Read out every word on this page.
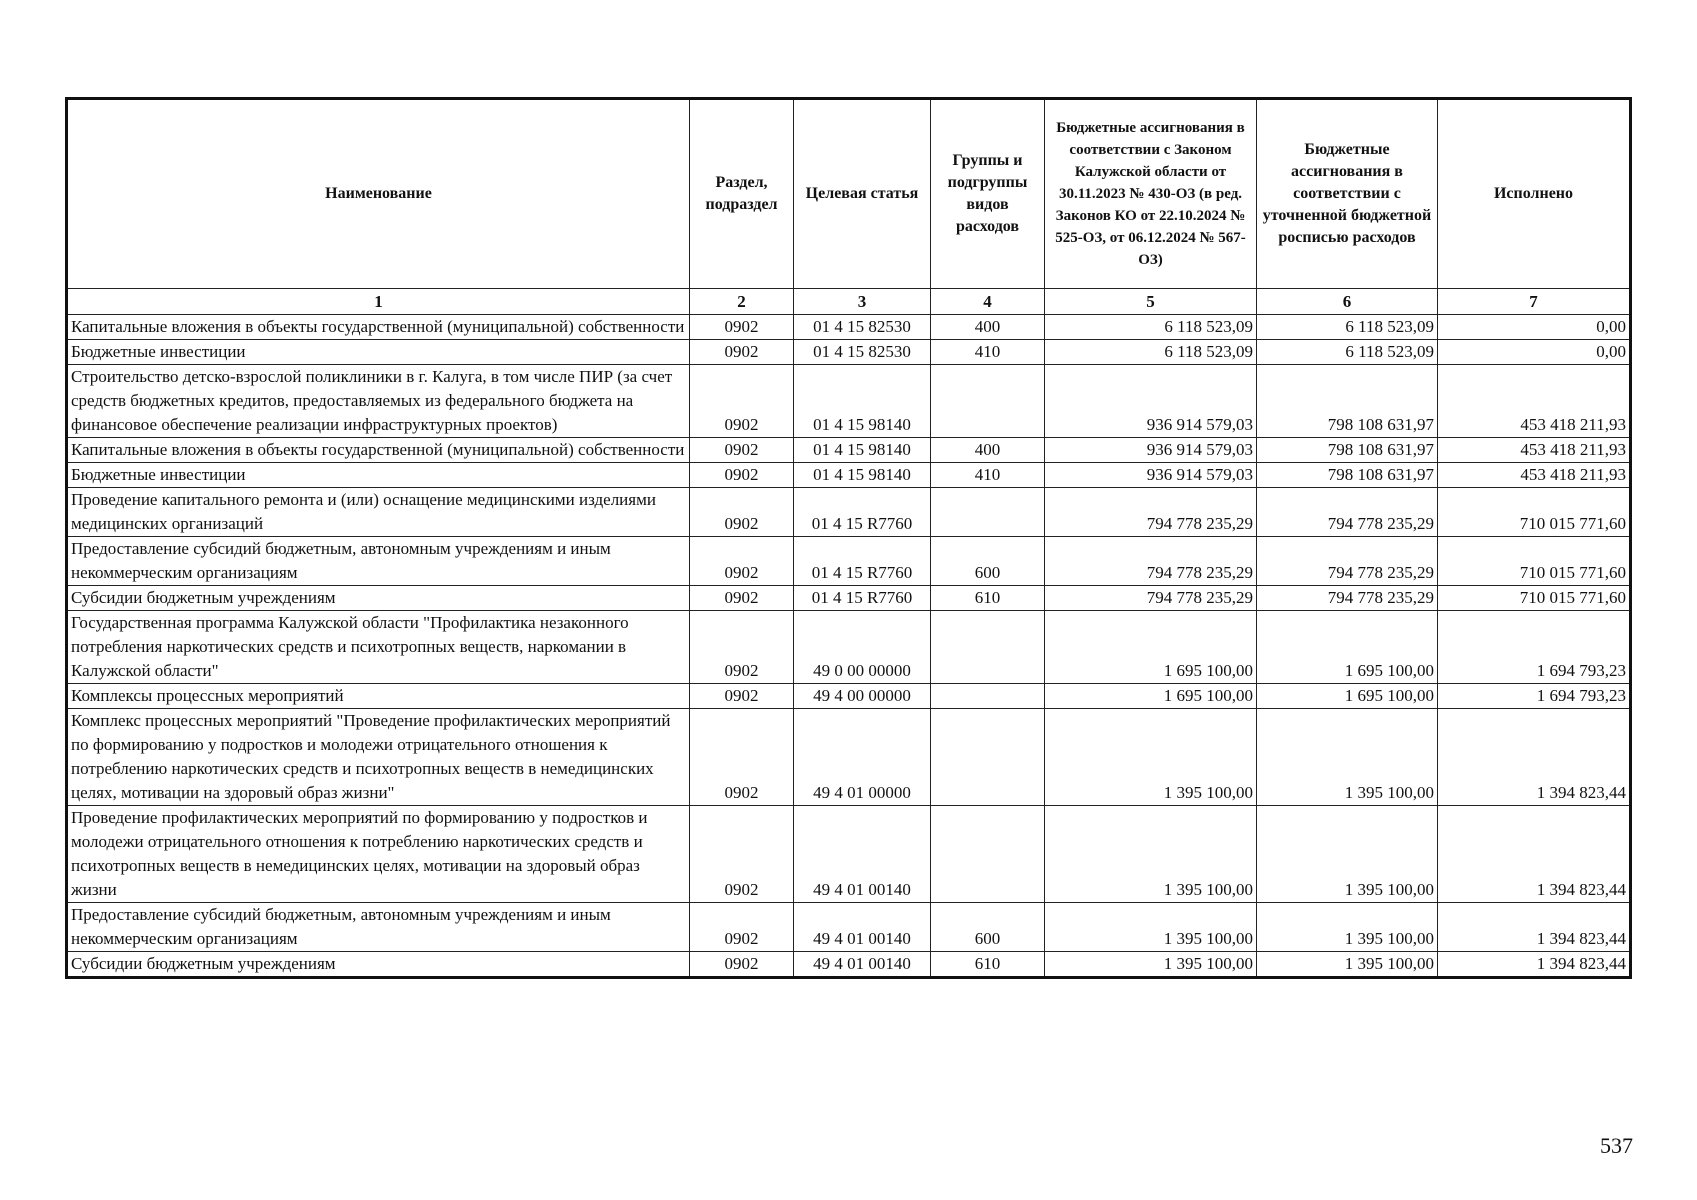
Наименование	Раздел, подраздел	Целевая статья	Группы и подгруппы видов расходов	Бюджетные ассигнования в соответствии с Законом Калужской области от 30.11.2023 № 430-ОЗ (в ред. Законов КО от 22.10.2024 № 525-ОЗ, от 06.12.2024 № 567-ОЗ)	Бюджетные ассигнования в соответствии с уточненной бюджетной росписью расходов	Исполнено
1	2	3	4	5	6	7
Капитальные вложения в объекты государственной (муниципальной) собственности	0902	01 4 15 82530	400	6 118 523,09	6 118 523,09	0,00
Бюджетные инвестиции	0902	01 4 15 82530	410	6 118 523,09	6 118 523,09	0,00
Строительство детско-взрослой поликлиники в г. Калуга, в том числе ПИР (за счет средств бюджетных кредитов, предоставляемых из федерального бюджета на финансовое обеспечение реализации инфраструктурных проектов)	0902	01 4 15 98140		936 914 579,03	798 108 631,97	453 418 211,93
Капитальные вложения в объекты государственной (муниципальной) собственности	0902	01 4 15 98140	400	936 914 579,03	798 108 631,97	453 418 211,93
Бюджетные инвестиции	0902	01 4 15 98140	410	936 914 579,03	798 108 631,97	453 418 211,93
Проведение капитального ремонта и (или) оснащение медицинскими изделиями медицинских организаций	0902	01 4 15 R7760		794 778 235,29	794 778 235,29	710 015 771,60
Предоставление субсидий бюджетным, автономным учреждениям и иным некоммерческим организациям	0902	01 4 15 R7760	600	794 778 235,29	794 778 235,29	710 015 771,60
Субсидии бюджетным учреждениям	0902	01 4 15 R7760	610	794 778 235,29	794 778 235,29	710 015 771,60
Государственная программа Калужской области "Профилактика незаконного потребления наркотических средств и психотропных веществ, наркомании в Калужской области"	0902	49 0 00 00000		1 695 100,00	1 695 100,00	1 694 793,23
Комплексы процессных мероприятий	0902	49 4 00 00000		1 695 100,00	1 695 100,00	1 694 793,23
Комплекс процессных мероприятий "Проведение профилактических мероприятий по формированию у подростков и молодежи отрицательного отношения к потреблению наркотических средств и психотропных веществ в немедицинских целях, мотивации на здоровый образ жизни"	0902	49 4 01 00000		1 395 100,00	1 395 100,00	1 394 823,44
Проведение профилактических мероприятий по формированию у подростков и молодежи отрицательного отношения к потреблению наркотических средств и психотропных веществ в немедицинских целях, мотивации на здоровый образ жизни	0902	49 4 01 00140		1 395 100,00	1 395 100,00	1 394 823,44
Предоставление субсидий бюджетным, автономным учреждениям и иным некоммерческим организациям	0902	49 4 01 00140	600	1 395 100,00	1 395 100,00	1 394 823,44
Субсидии бюджетным учреждениям	0902	49 4 01 00140	610	1 395 100,00	1 395 100,00	1 394 823,44
537
